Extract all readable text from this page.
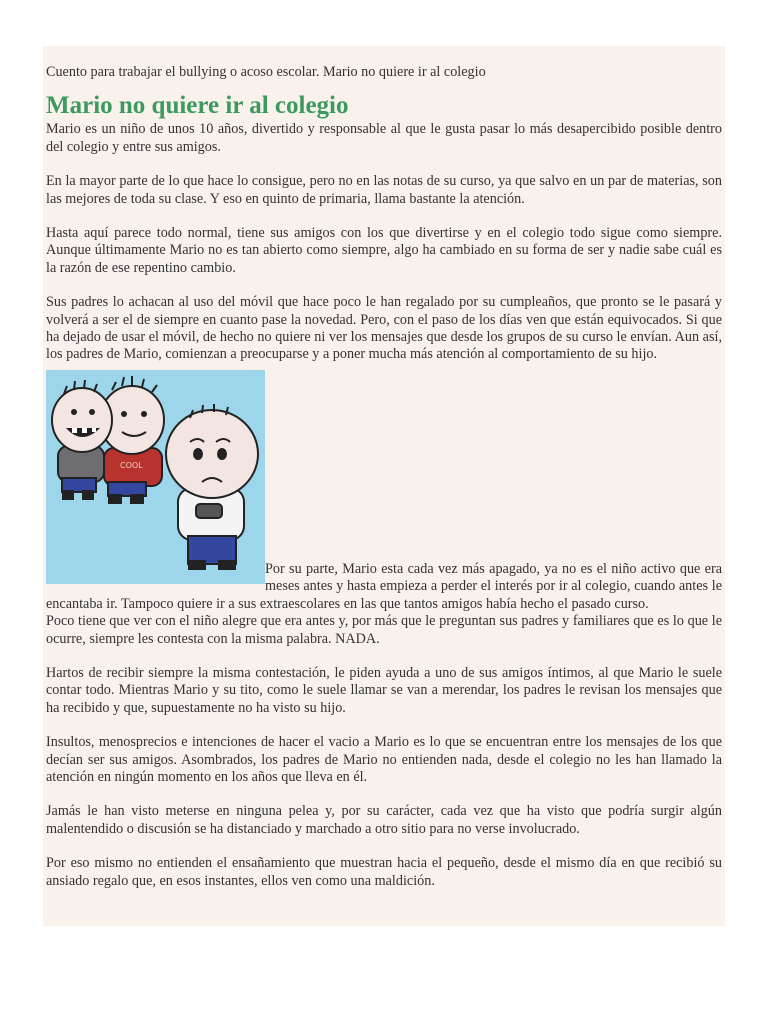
Cuento para trabajar el bullying o acoso escolar. Mario no quiere ir al colegio
Mario no quiere ir al colegio

Mario es un niño de unos 10 años, divertido y responsable al que le gusta pasar lo más desapercibido posible dentro del colegio y entre sus amigos.

En la mayor parte de lo que hace lo consigue, pero no en las notas de su curso, ya que salvo en un par de materias, son las mejores de toda su clase. Y eso en quinto de primaria, llama bastante la atención.

Hasta aquí parece todo normal, tiene sus amigos con los que divertirse y en el colegio todo sigue como siempre. Aunque últimamente Mario no es tan abierto como siempre, algo ha cambiado en su forma de ser y nadie sabe cuál es la razón de ese repentino cambio.

Sus padres lo achacan al uso del móvil que hace poco le han regalado por su cumpleaños, que pronto se le pasará y volverá a ser el de siempre en cuanto pase la novedad. Pero, con el paso de los días ven que están equivocados. Si que ha dejado de usar el móvil, de hecho no quiere ni ver los mensajes que desde los grupos de su curso le envían. Aun así, los padres de Mario, comienzan a preocuparse y a poner mucha más atención al comportamiento de su hijo.

COOL
Por su parte, Mario esta cada vez más apagado, ya no es el niño activo que era meses antes y hasta empieza a perder el interés por ir al colegio, cuando antes le encantaba ir. Tampoco quiere ir a sus extraescolares en las que tantos amigos había hecho el pasado curso.

Poco tiene que ver con el niño alegre que era antes y, por más que le preguntan sus padres y familiares que es lo que le ocurre, siempre les contesta con la misma palabra. NADA.

Hartos de recibir siempre la misma contestación, le piden ayuda a uno de sus amigos íntimos, al que Mario le suele contar todo. Mientras Mario y su tito, como le suele llamar se van a merendar, los padres le revisan los mensajes que ha recibido y que, supuestamente no ha visto su hijo.

Insultos, menosprecios e intenciones de hacer el vacio a Mario es lo que se encuentran entre los mensajes de los que decían ser sus amigos. Asombrados, los padres de Mario no entienden nada, desde el colegio no les han llamado la atención en ningún momento en los años que lleva en él.

Jamás le han visto meterse en ninguna pelea y, por su carácter, cada vez que ha visto que podría surgir algún malentendido o discusión se ha distanciado y marchado a otro sitio para no verse involucrado.

Por eso mismo no entienden el ensañamiento que muestran hacia el pequeño, desde el mismo día en que recibió su ansiado regalo que, en esos instantes, ellos ven como una maldición.
